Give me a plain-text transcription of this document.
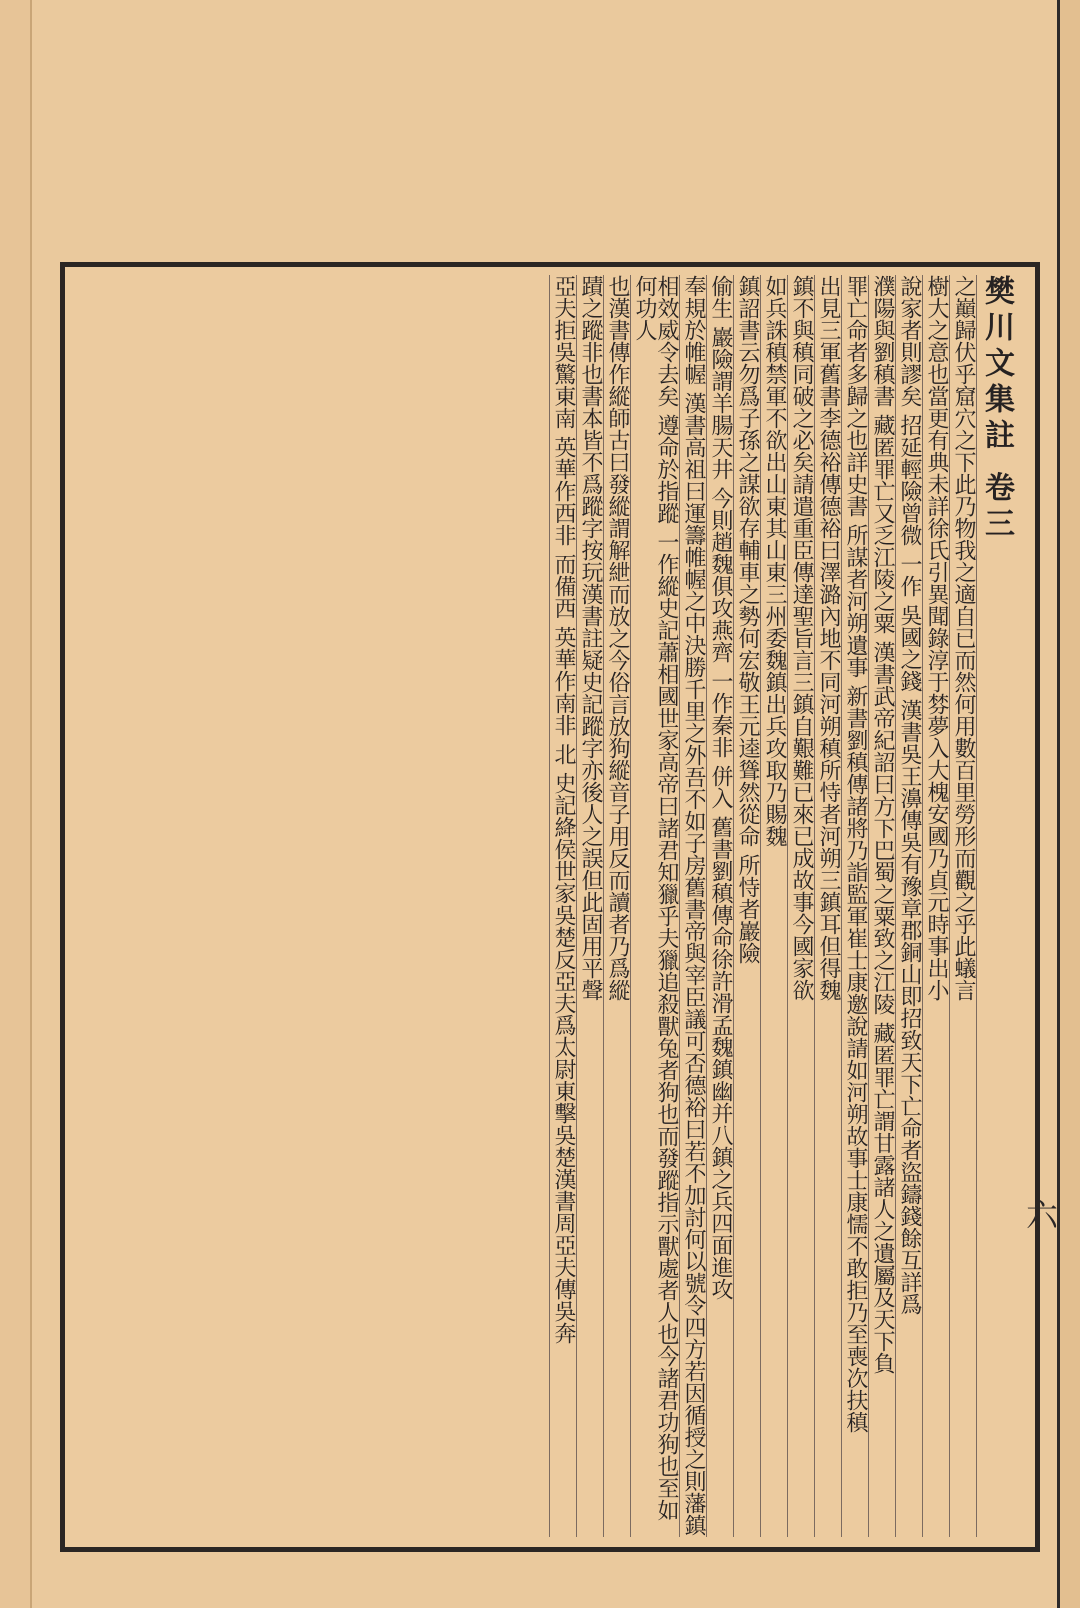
樊川文集註 卷三

之巔歸伏乎窟穴之下此乃物我之適自已而然何用數百里勞形而觀之乎此蟻言

樹大之意也當更有典未詳徐氏引異聞錄淳于棼夢入大槐安國乃貞元時事出小

說家者則謬矣 招延輕險曾微 一作 吳國之錢 漢書吳王濞傳吳有豫章郡銅山即招致天下亡命者盜鑄錢餘互詳爲

濮陽與劉稹書 藏匿罪亡又乏江陵之粟 漢書武帝紀詔曰方下巴蜀之粟致之江陵 藏匿罪亡謂甘露諸人之遺屬及天下負

罪亡命者多歸之也詳史書 所謀者河朔遺事 新書劉稹傳諸將乃詣監軍崔士康邀說請如河朔故事士康懦不敢拒乃至喪次扶稹

出見三軍舊書李德裕傳德裕曰澤潞內地不同河朔稹所恃者河朔三鎮耳但得魏

鎮不與稹同破之必矣請遣重臣傳達聖旨言三鎮自艱難已來已成故事今國家欲

如兵誅稹禁軍不欲出山東其山東三州委魏鎮出兵攻取乃賜魏

鎮詔書云勿爲子孫之謀欲存輔車之勢何宏敬王元逵聳然從命 所恃者巖險

偷生 巖險謂羊腸天井 今則趙魏俱攻燕齊 一作秦非 併入 舊書劉稹傳命徐許滑孟魏鎮幽并八鎮之兵四面進攻

奉規於帷幄 漢書高祖曰運籌帷幄之中決勝千里之外吾不如子房舊書帝與宰臣議可否德裕曰若不加討何以號令四方若因循授之則藩鎮

相效威令去矣 遵命於指蹤 一作縱史記蕭相國世家高帝曰諸君知獵乎夫獵追殺獸兔者狗也而發蹤指示獸處者人也今諸君功狗也至如何功人

也漢書傳作縱師古曰發縱謂解紲而放之今俗言放狗縱音子用反而讀者乃爲縱

蹟之蹤非也書本皆不爲蹤字按玩漢書註疑史記蹤字亦後人之誤但此固用平聲

亞夫拒吳驚東南 英華作西非 而備西 英華作南非 北 史記絳侯世家吳楚反亞夫爲太尉東擊吳楚漢書周亞夫傳吳奔	六
